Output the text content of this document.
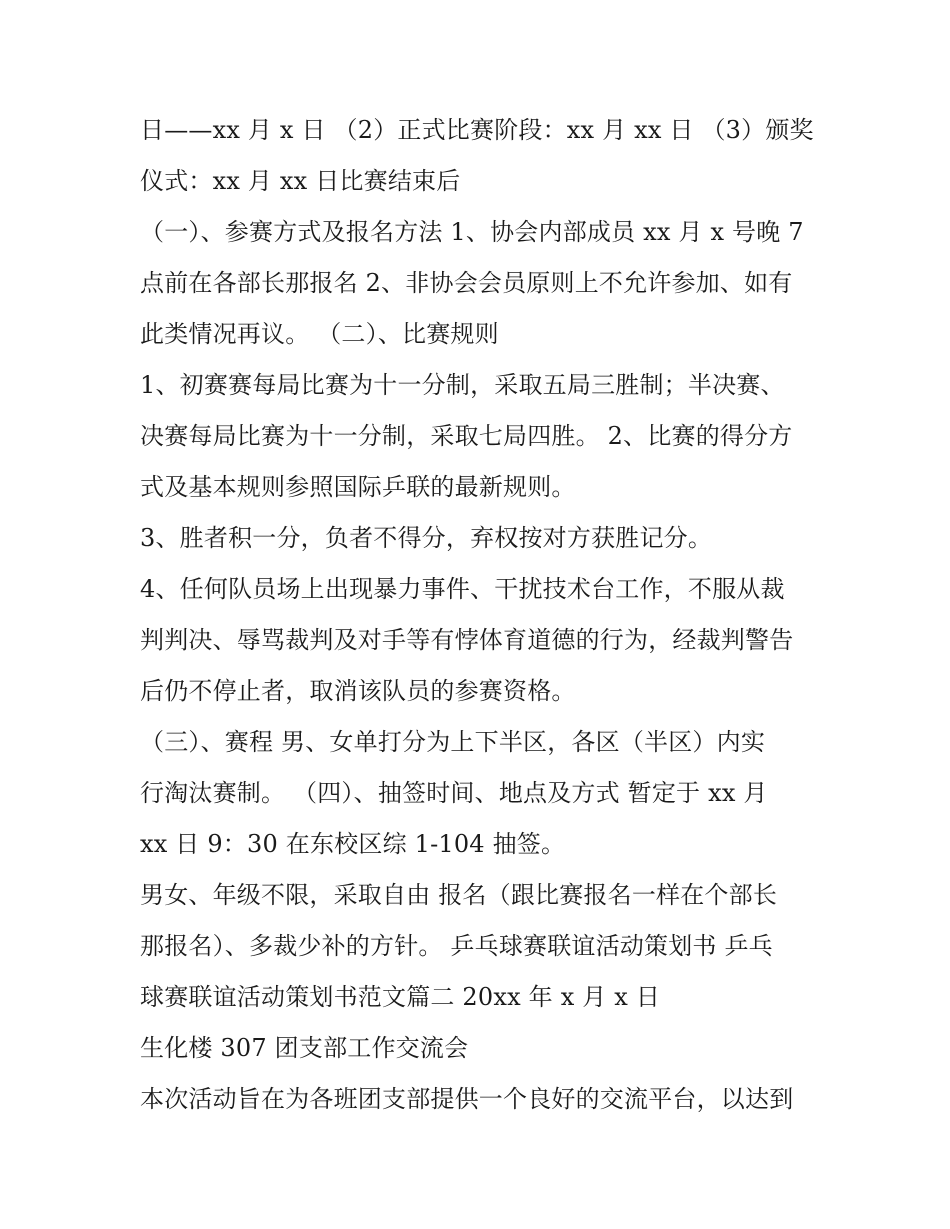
日——xx 月 x 日 （2）正式比赛阶段：xx 月 xx 日 （3）颁奖
仪式：xx 月 xx 日比赛结束后
（一）、参赛方式及报名方法 1、协会内部成员 xx 月 x 号晚 7
点前在各部长那报名 2、非协会会员原则上不允许参加、如有
此类情况再议。 （二）、比赛规则
1、初赛赛每局比赛为十一分制，采取五局三胜制；半决赛、
决赛每局比赛为十一分制，采取七局四胜。 2、比赛的得分方
式及基本规则参照国际乒联的最新规则。
3、胜者积一分，负者不得分，弃权按对方获胜记分。
4、任何队员场上出现暴力事件、干扰技术台工作，不服从裁
判判决、辱骂裁判及对手等有悖体育道德的行为，经裁判警告
后仍不停止者，取消该队员的参赛资格。
（三）、赛程 男、女单打分为上下半区，各区（半区）内实
行淘汰赛制。 （四）、抽签时间、地点及方式 暂定于 xx 月
xx 日 9：30 在东校区综 1-104 抽签。
男女、年级不限，采取自由 报名（跟比赛报名一样在个部长
那报名）、多裁少补的方针。 乒乓球赛联谊活动策划书 乒乓
球赛联谊活动策划书范文篇二 20xx 年 x 月 x 日
生化楼 307 团支部工作交流会
本次活动旨在为各班团支部提供一个良好的交流平台，以达到
